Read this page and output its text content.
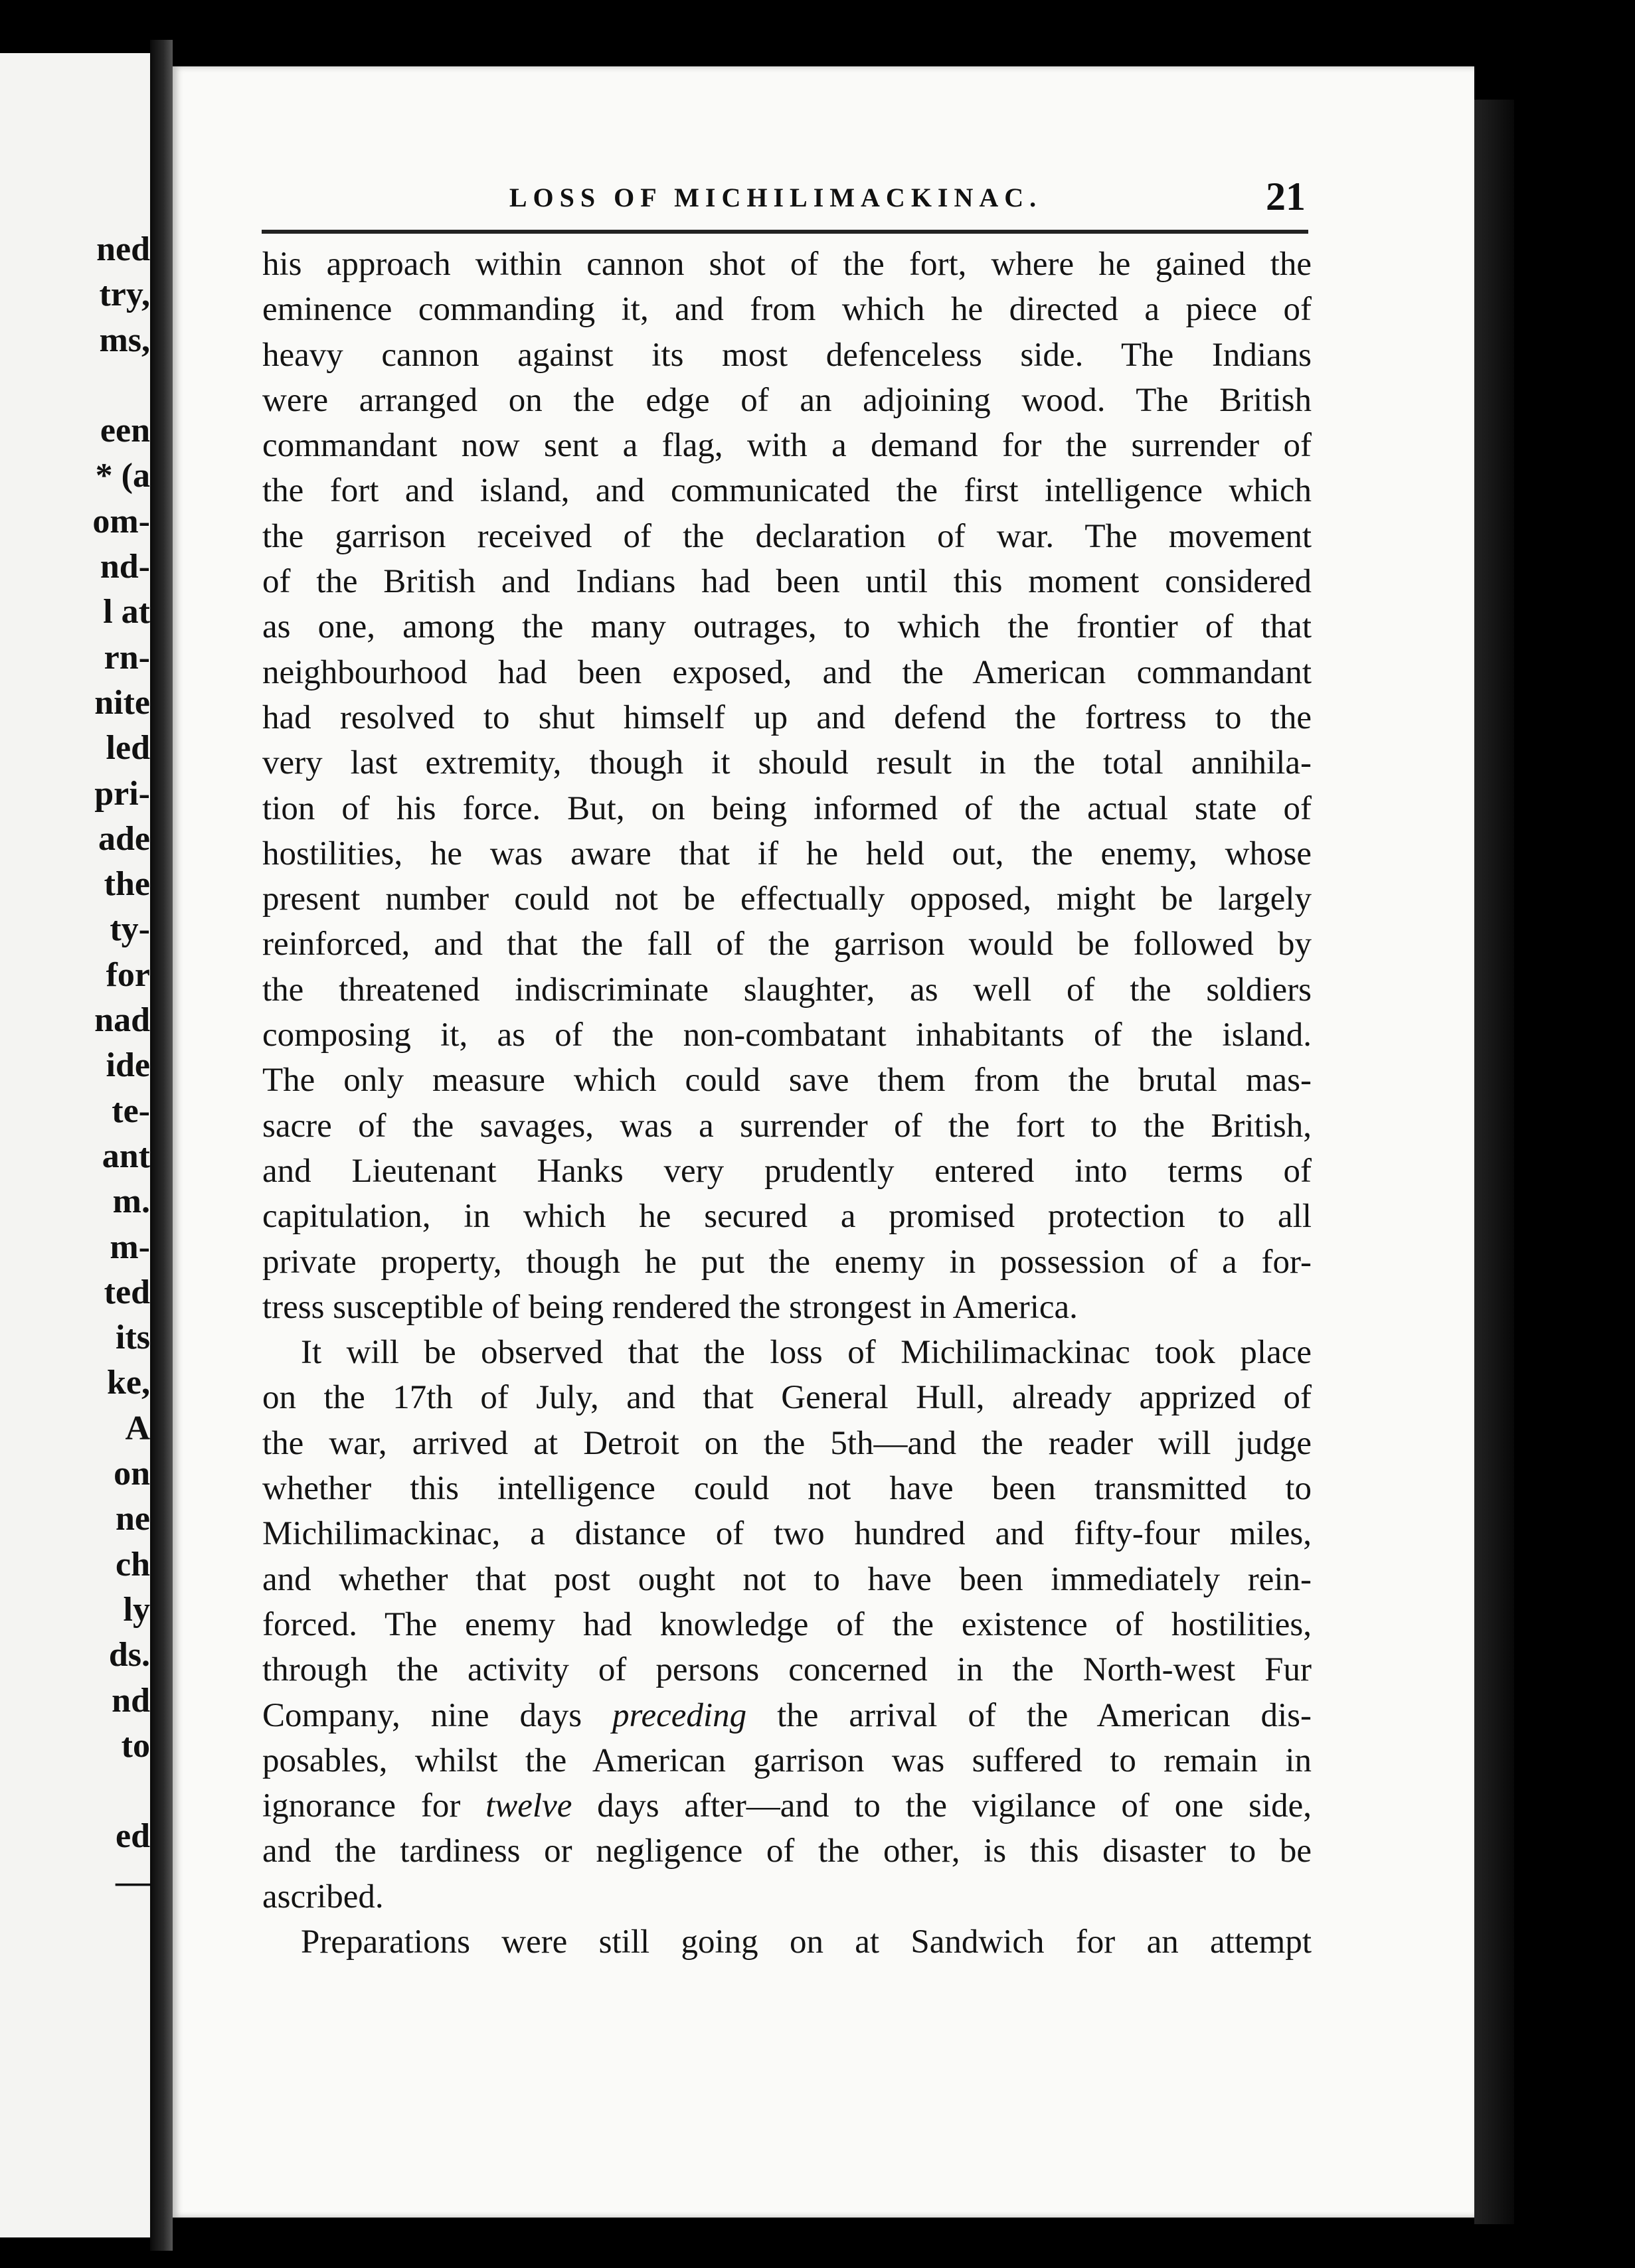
ned
try,
ms,
een
* (a
om-
nd-
l at
rn-
nite
led
pri-
ade
the
ty-
for
nad
ide
te-
ant
m.
m-
ted
its
ke,
A
on
ne
ch
ly
ds.
nd
to
ed
—
LOSS OF MICHILIMACKINAC.	21
his approach within cannon shot of the fort, where he gained the
eminence commanding it, and from which he directed a piece of
heavy cannon against its most defenceless side. The Indians
were arranged on the edge of an adjoining wood. The British
commandant now sent a flag, with a demand for the surrender of
the fort and island, and communicated the first intelligence which
the garrison received of the declaration of war. The movement
of the British and Indians had been until this moment considered
as one, among the many outrages, to which the frontier of that
neighbourhood had been exposed, and the American commandant
had resolved to shut himself up and defend the fortress to the
very last extremity, though it should result in the total annihila-
tion of his force. But, on being informed of the actual state of
hostilities, he was aware that if he held out, the enemy, whose
present number could not be effectually opposed, might be largely
reinforced, and that the fall of the garrison would be followed by
the threatened indiscriminate slaughter, as well of the soldiers
composing it, as of the non-combatant inhabitants of the island.
The only measure which could save them from the brutal mas-
sacre of the savages, was a surrender of the fort to the British,
and Lieutenant Hanks very prudently entered into terms of
capitulation, in which he secured a promised protection to all
private property, though he put the enemy in possession of a for-
tress susceptible of being rendered the strongest in America.
It will be observed that the loss of Michilimackinac took place
on the 17th of July, and that General Hull, already apprized of
the war, arrived at Detroit on the 5th—and the reader will judge
whether this intelligence could not have been transmitted to
Michilimackinac, a distance of two hundred and fifty-four miles,
and whether that post ought not to have been immediately rein-
forced. The enemy had knowledge of the existence of hostilities,
through the activity of persons concerned in the North-west Fur
Company, nine days preceding the arrival of the American dis-
posables, whilst the American garrison was suffered to remain in
ignorance for twelve days after—and to the vigilance of one side,
and the tardiness or negligence of the other, is this disaster to be
ascribed.
Preparations were still going on at Sandwich for an attempt
